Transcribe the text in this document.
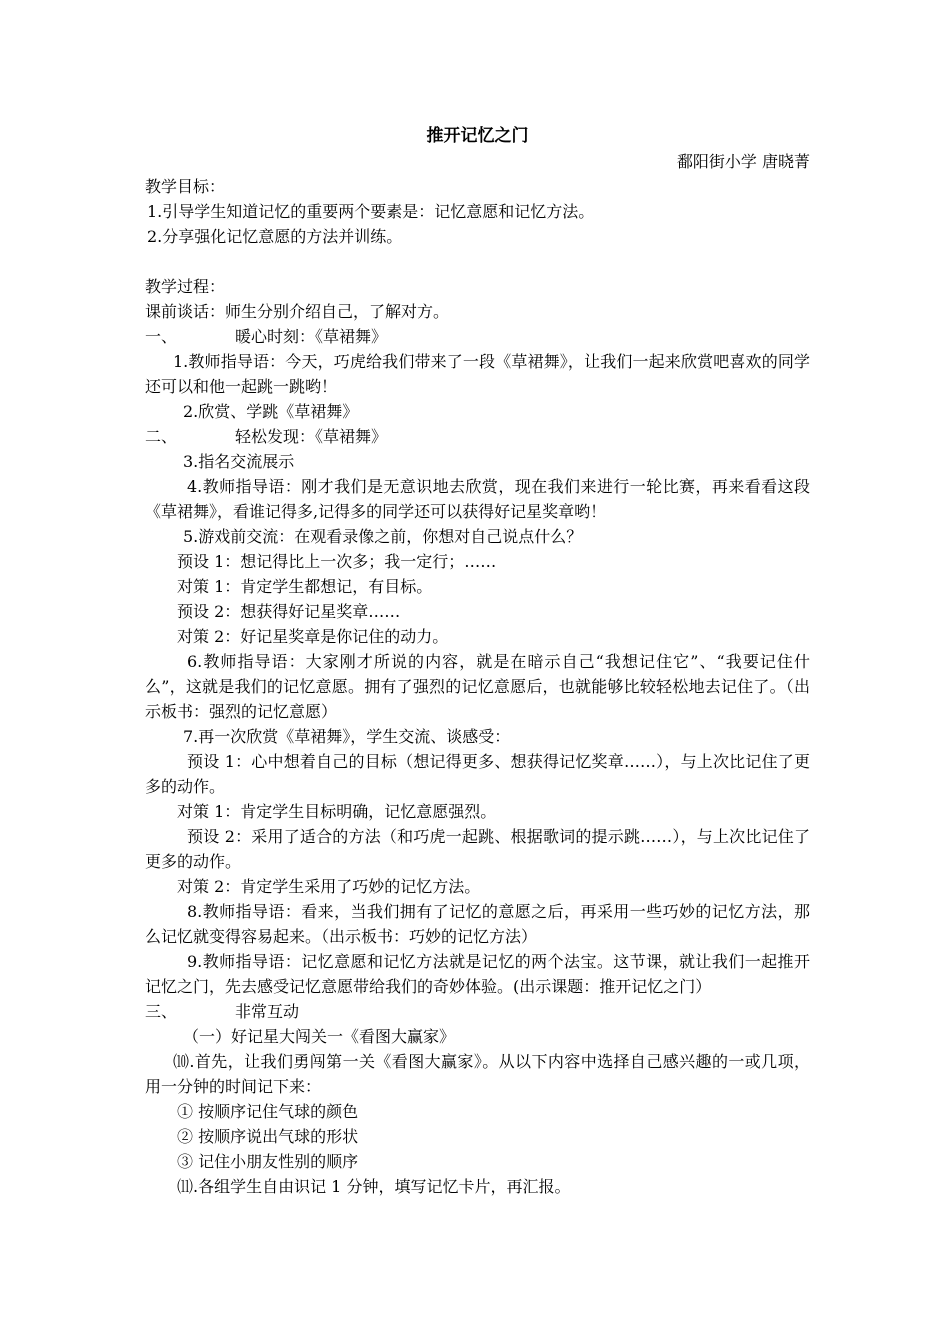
推开记忆之门

鄱阳街小学 唐晓菁

教学目标：

1.引导学生知道记忆的重要两个要素是：记忆意愿和记忆方法。

2.分享强化记忆意愿的方法并训练。

教学过程：

课前谈话：师生分别介绍自己，了解对方。

一、	暖心时刻：《草裙舞》

1.教师指导语：今天，巧虎给我们带来了一段《草裙舞》，让我们一起来欣赏吧喜欢的同学还可以和他一起跳一跳哟！

2.欣赏、学跳《草裙舞》

二、	轻松发现：《草裙舞》

3.指名交流展示

4.教师指导语：刚才我们是无意识地去欣赏，现在我们来进行一轮比赛，再来看看这段《草裙舞》，看谁记得多,记得多的同学还可以获得好记星奖章哟！

5.游戏前交流：在观看录像之前，你想对自己说点什么？

预设 1：想记得比上一次多；我一定行；……

对策 1：肯定学生都想记，有目标。

预设 2：想获得好记星奖章……

对策 2：好记星奖章是你记住的动力。

6.教师指导语：大家刚才所说的内容，就是在暗示自己“我想记住它”、“我要记住什么”，这就是我们的记忆意愿。拥有了强烈的记忆意愿后，也就能够比较轻松地去记住了。（出示板书：强烈的记忆意愿）

7.再一次欣赏《草裙舞》，学生交流、谈感受：

预设 1：心中想着自己的目标（想记得更多、想获得记忆奖章……），与上次比记住了更多的动作。

对策 1：肯定学生目标明确，记忆意愿强烈。

预设 2：采用了适合的方法（和巧虎一起跳、根据歌词的提示跳……），与上次比记住了更多的动作。

对策 2：肯定学生采用了巧妙的记忆方法。

8.教师指导语：看来，当我们拥有了记忆的意愿之后，再采用一些巧妙的记忆方法，那么记忆就变得容易起来。（出示板书：巧妙的记忆方法）

9.教师指导语：记忆意愿和记忆方法就是记忆的两个法宝。这节课，就让我们一起推开记忆之门，先去感受记忆意愿带给我们的奇妙体验。(出示课题：推开记忆之门）

三、	非常互动

（一）好记星大闯关一《看图大赢家》

⑽.首先，让我们勇闯第一关《看图大赢家》。从以下内容中选择自己感兴趣的一或几项，用一分钟的时间记下来：

① 按顺序记住气球的颜色

② 按顺序说出气球的形状

③ 记住小朋友性别的顺序

⑾.各组学生自由识记 1 分钟，填写记忆卡片，再汇报。
